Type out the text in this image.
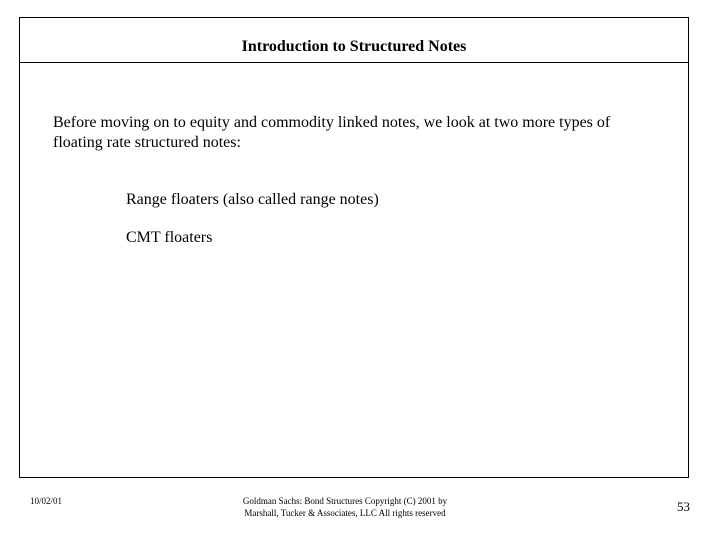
Introduction to Structured Notes
Before moving on to equity and commodity linked notes, we look at two more types of floating rate structured notes:
Range floaters (also called range notes)
CMT floaters
10/02/01	Goldman Sachs: Bond Structures Copyright (C) 2001 by Marshall, Tucker & Associates, LLC All rights reserved	53
